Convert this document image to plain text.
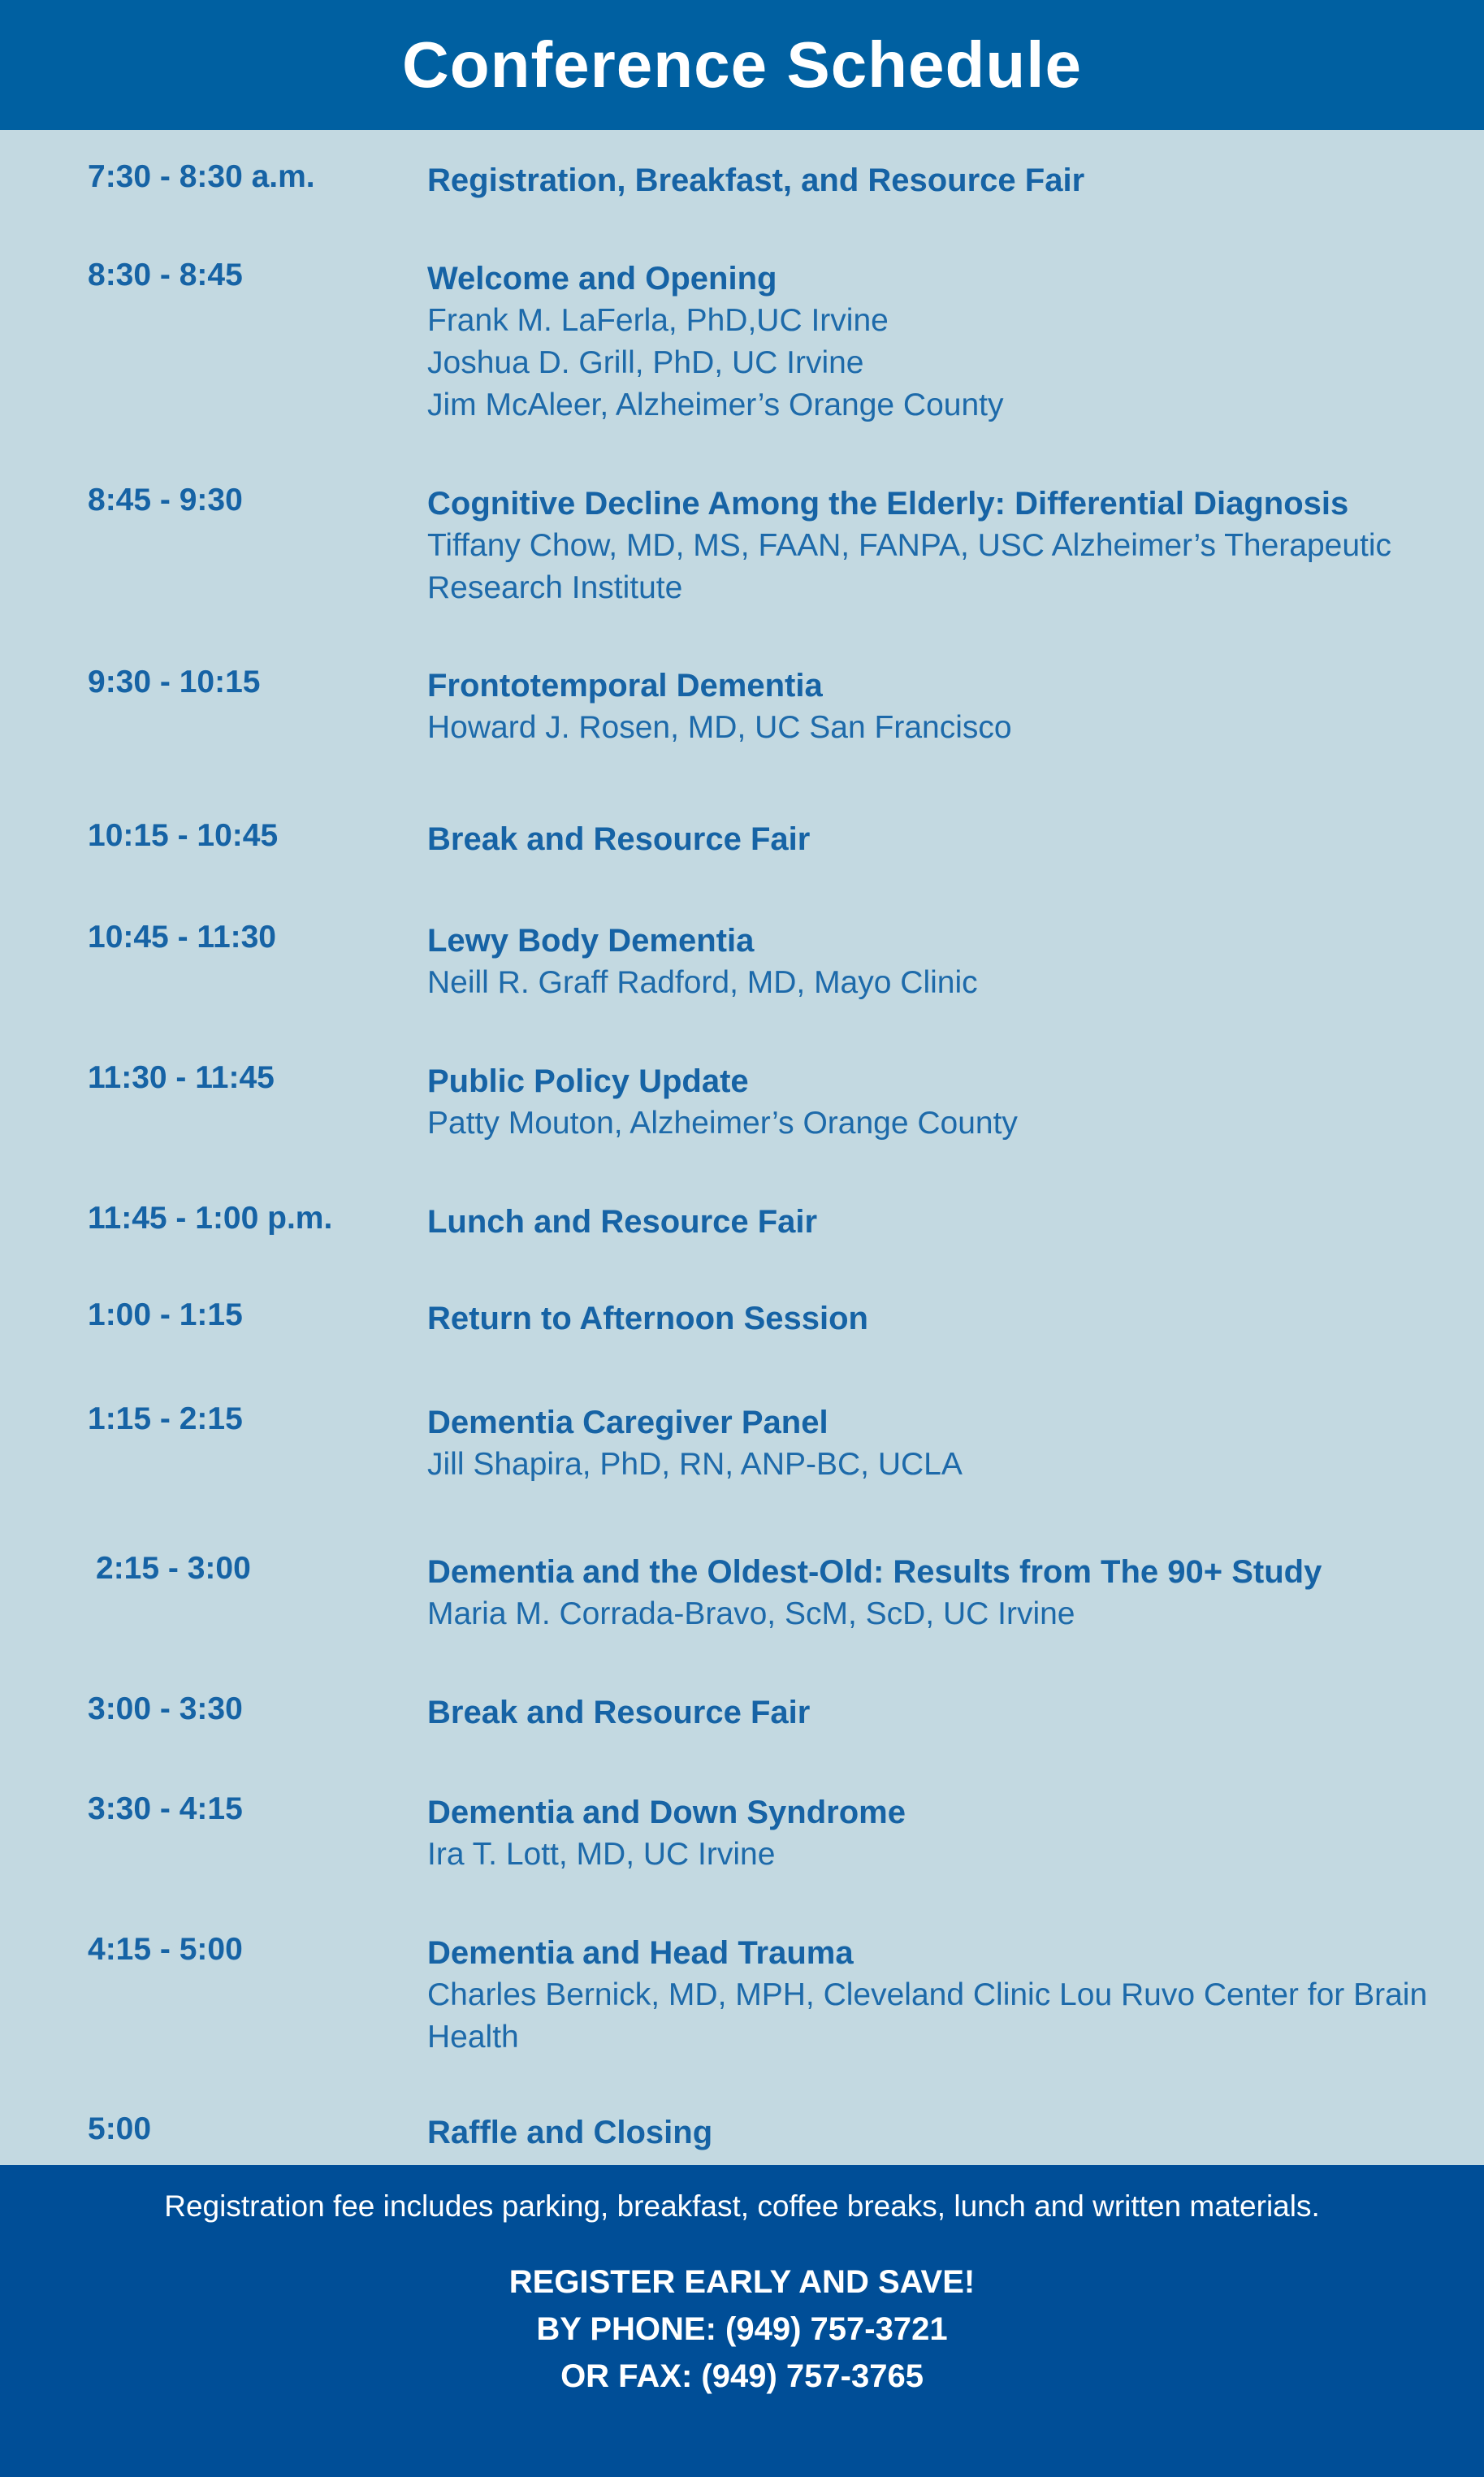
Conference Schedule
7:30 - 8:30 a.m.	Registration, Breakfast, and Resource Fair
8:30 - 8:45	Welcome and Opening
Frank M. LaFerla, PhD,UC Irvine
Joshua D. Grill, PhD, UC Irvine
Jim McAleer, Alzheimer’s Orange County
8:45 - 9:30	Cognitive Decline Among the Elderly: Differential Diagnosis
Tiffany Chow, MD, MS, FAAN, FANPA, USC Alzheimer’s Therapeutic
Research Institute
9:30 - 10:15	Frontotemporal Dementia
Howard J. Rosen, MD, UC San Francisco
10:15 - 10:45	Break and Resource Fair
10:45 - 11:30	Lewy Body Dementia
Neill R. Graff Radford, MD, Mayo Clinic
11:30 - 11:45	Public Policy Update
Patty Mouton, Alzheimer’s Orange County
11:45 - 1:00 p.m.	Lunch and Resource Fair
1:00 - 1:15	Return to Afternoon Session
1:15 - 2:15	Dementia Caregiver Panel
Jill Shapira, PhD, RN, ANP-BC, UCLA
2:15 - 3:00	Dementia and the Oldest-Old: Results from The 90+ Study
Maria M. Corrada-Bravo, ScM, ScD, UC Irvine
3:00 - 3:30	Break and Resource Fair
3:30 - 4:15	Dementia and Down Syndrome
Ira T. Lott, MD, UC Irvine
4:15 - 5:00	Dementia and Head Trauma
Charles Bernick, MD, MPH, Cleveland Clinic Lou Ruvo Center for Brain
Health
5:00	Raffle and Closing
Registration fee includes parking, breakfast, coffee breaks, lunch and written materials.
REGISTER EARLY AND SAVE!
BY PHONE: (949) 757-3721
OR FAX: (949) 757-3765
